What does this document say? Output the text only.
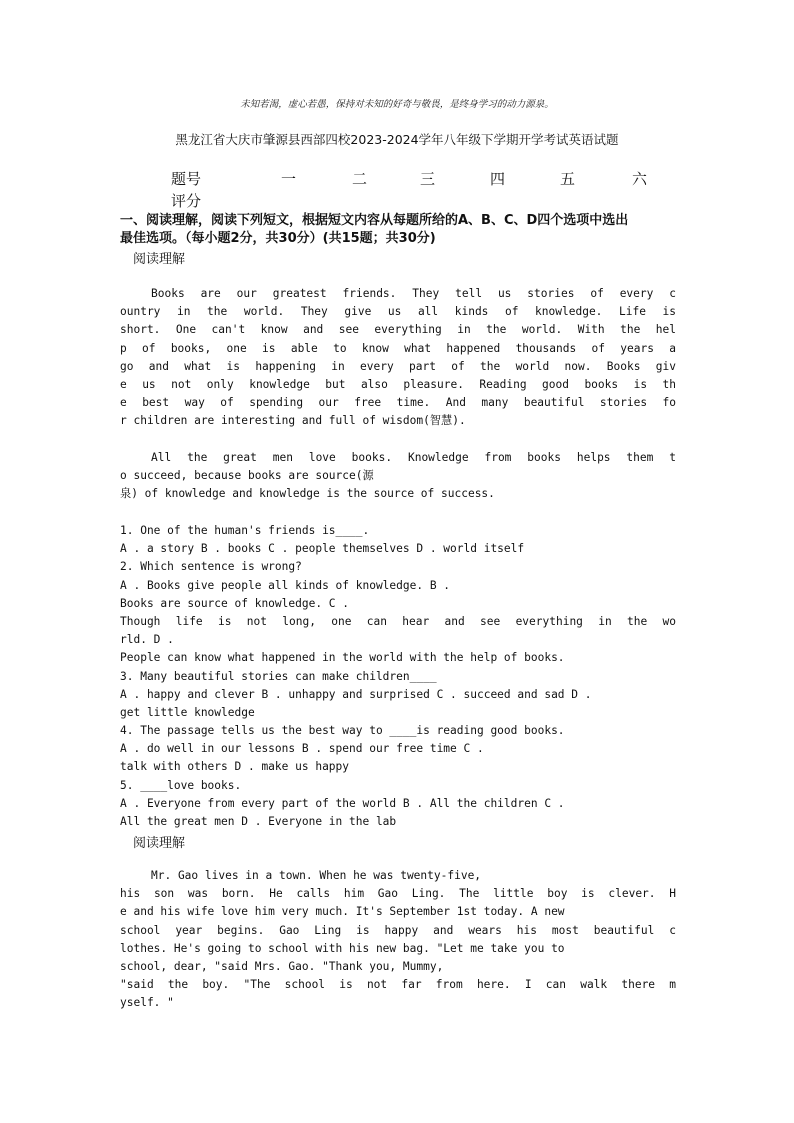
未知若渴，虚心若愚，保持对未知的好奇与敬畏，是终身学习的动力源泉。
黑龙江省大庆市肇源县西部四校2023-2024学年八年级下学期开学考试英语试题
题号	一	二	三	四	五	六
评分
一、阅读理解，阅读下列短文，根据短文内容从每题所给的A、B、C、D四个选项中选出
最佳选项。（每小题2分，共30分）(共15题；共30分)
阅读理解
Books are our greatest friends. They tell us stories of every c
ountry in the world. They give us all kinds of knowledge. Life is
short. One can't know and see everything in the world. With the hel
p of books, one is able to know what happened thousands of years a
go and what is happening in every part of the world now. Books giv
e us not only knowledge but also pleasure. Reading good books is th
e best way of spending our free time. And many beautiful stories fo
r children are interesting and full of wisdom(智慧).
All the great men love books. Knowledge from books helps them t
o succeed, because books are source(源
泉) of knowledge and knowledge is the source of success.
1. One of the human's friends is____.
A . a story B . books C . people themselves D . world itself
2. Which sentence is wrong?
A . Books give people all kinds of knowledge. B .
Books are source of knowledge. C .
Though life is not long, one can hear and see everything in the wo
rld. D .
People can know what happened in the world with the help of books.
3. Many beautiful stories can make children____
A . happy and clever B . unhappy and surprised C . succeed and sad D .
get little knowledge
4. The passage tells us the best way to ____is reading good books.
A . do well in our lessons B . spend our free time C .
talk with others D . make us happy
5. ____love books.
A . Everyone from every part of the world B . All the children C .
All the great men D . Everyone in the lab
阅读理解
Mr. Gao lives in a town. When he was twenty-five,
his son was born. He calls him Gao Ling. The little boy is clever. H
e and his wife love him very much. It's September 1st today. A new
school year begins. Gao Ling is happy and wears his most beautiful c
lothes. He's going to school with his new bag. "Let me take you to
school, dear, "said Mrs. Gao. "Thank you, Mummy,
"said the boy. "The school is not far from here. I can walk there m
yself. "
